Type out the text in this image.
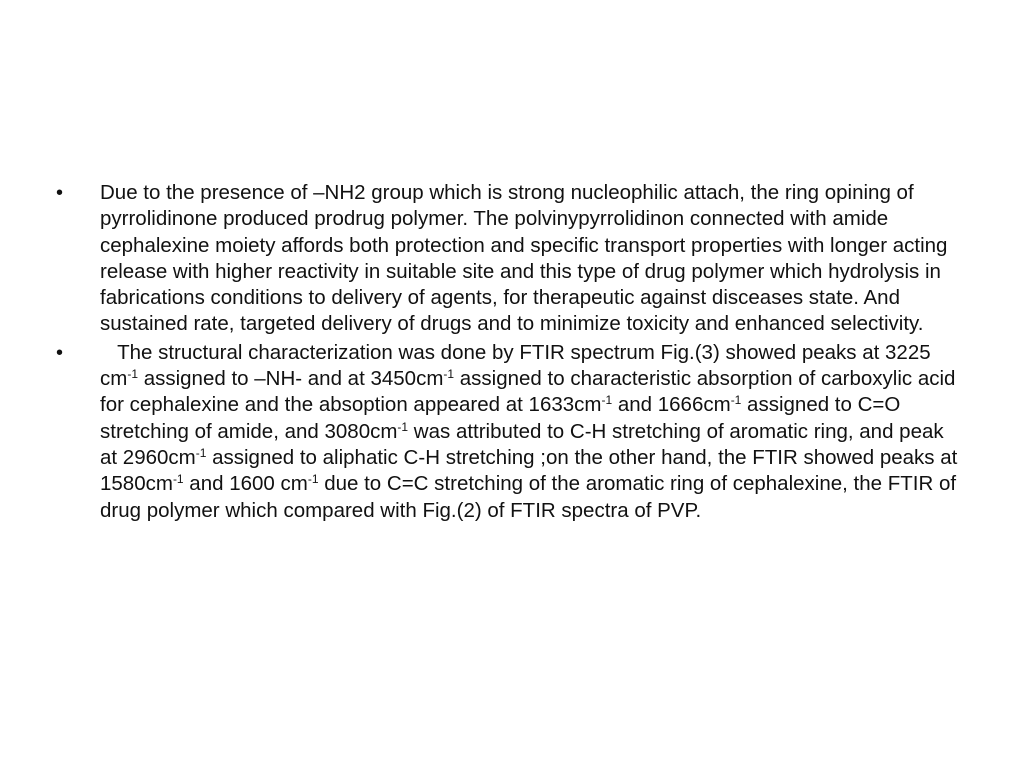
•	Due to the presence of –NH2 group which is strong nucleophilic attach, the ring opining of pyrrolidinone produced prodrug polymer. The polvinypyrrolidinon connected with amide cephalexine moiety affords both protection and specific transport properties with longer acting release with higher reactivity in suitable site and this type of drug polymer which hydrolysis in fabrications conditions to delivery of agents, for therapeutic against disceases state. And sustained rate, targeted delivery of drugs and to minimize toxicity and enhanced selectivity.
•	The structural characterization was done by FTIR spectrum Fig.(3) showed peaks at 3225 $cm^{-1}$ assigned to –NH- and at $3450cm^{-1}$ assigned to characteristic absorption of carboxylic acid for cephalexine and the absoption appeared at $1633cm^{-1}$ and $1666cm^{-1}$ assigned to C=O stretching of amide, and $3080cm^{-1}$ was attributed to C-H stretching of aromatic ring, and peak at $2960cm^{-1}$ assigned to aliphatic C-H stretching ;on the other hand, the FTIR showed peaks at $1580cm^{-1}$ and 1600 $cm^{-1}$ due to C=C stretching of the aromatic ring of cephalexine, the FTIR of drug polymer which compared with Fig.(2) of FTIR spectra of PVP.
